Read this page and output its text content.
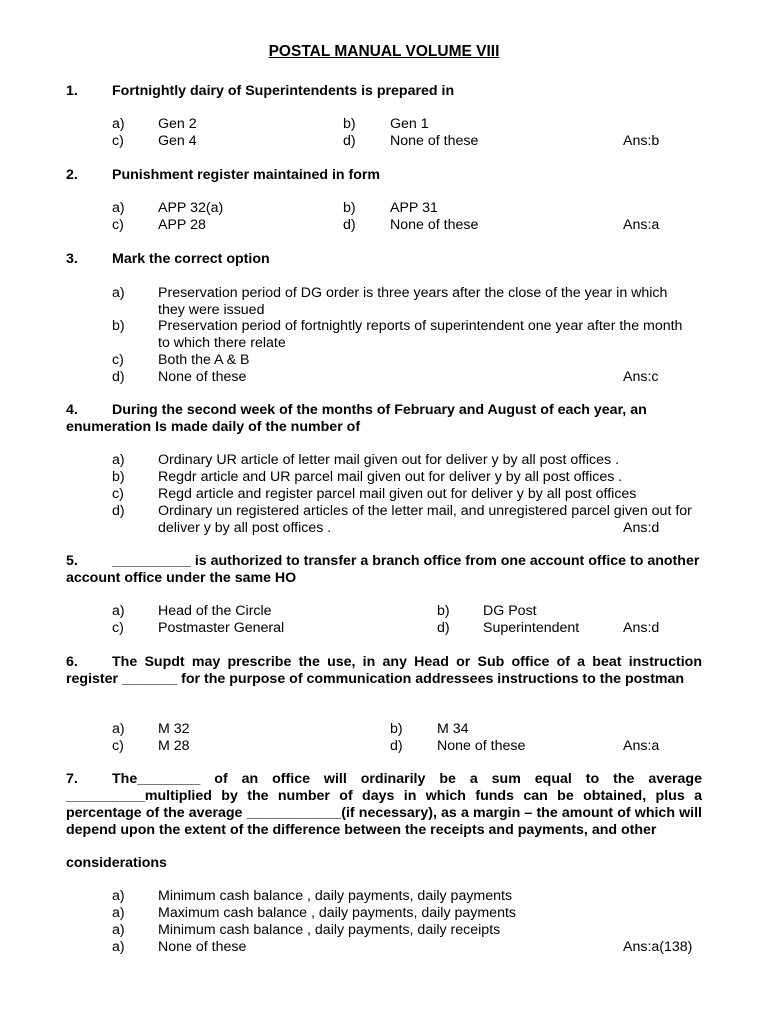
POSTAL MANUAL VOLUME VIII
1. Fortnightly dairy of Superintendents is prepared in
a) Gen 2	b) Gen 1
c) Gen 4	d) None of these	Ans:b
2. Punishment register maintained in form
a) APP 32(a)	b) APP 31
c) APP 28	d) None of these	Ans:a
3. Mark the correct option
a) Preservation period of DG order is three years after the close of the year in which they were issued
b) Preservation period of fortnightly reports of superintendent one year after the month to which there relate
c) Both the A & B
d) None of these	Ans:c
4. During the second week of the months of February and August of each year, an enumeration Is made daily of the number of
a) Ordinary UR article of letter mail given out for deliver y by all post offices .
b) Regdr article and UR parcel mail given out for deliver y by all post offices .
c) Regd article and register parcel mail given out for deliver y by all post offices
d) Ordinary un registered articles of the letter mail, and unregistered parcel given out for deliver y by all post offices .	Ans:d
5. __________ is authorized to transfer a branch office from one account office to another account office under the same HO
a) Head of the Circle	b) DG Post
c) Postmaster General	d) Superintendent	Ans:d
6. The Supdt may prescribe the use, in any Head or Sub office of a beat instruction register _______ for the purpose of communication addressees instructions to the postman
a) M 32	b) M 34
c) M 28	d) None of these	Ans:a
7. The________ of an office will ordinarily be a sum equal to the average __________multiplied by the number of days in which funds can be obtained, plus a percentage of the average ____________(if necessary), as a margin – the amount of which will depend upon the extent of the difference between the receipts and payments, and other
considerations
a) Minimum cash balance , daily payments, daily payments
a) Maximum cash balance , daily payments, daily payments
a) Minimum cash balance , daily payments, daily receipts
a) None of these	Ans:a(138)
